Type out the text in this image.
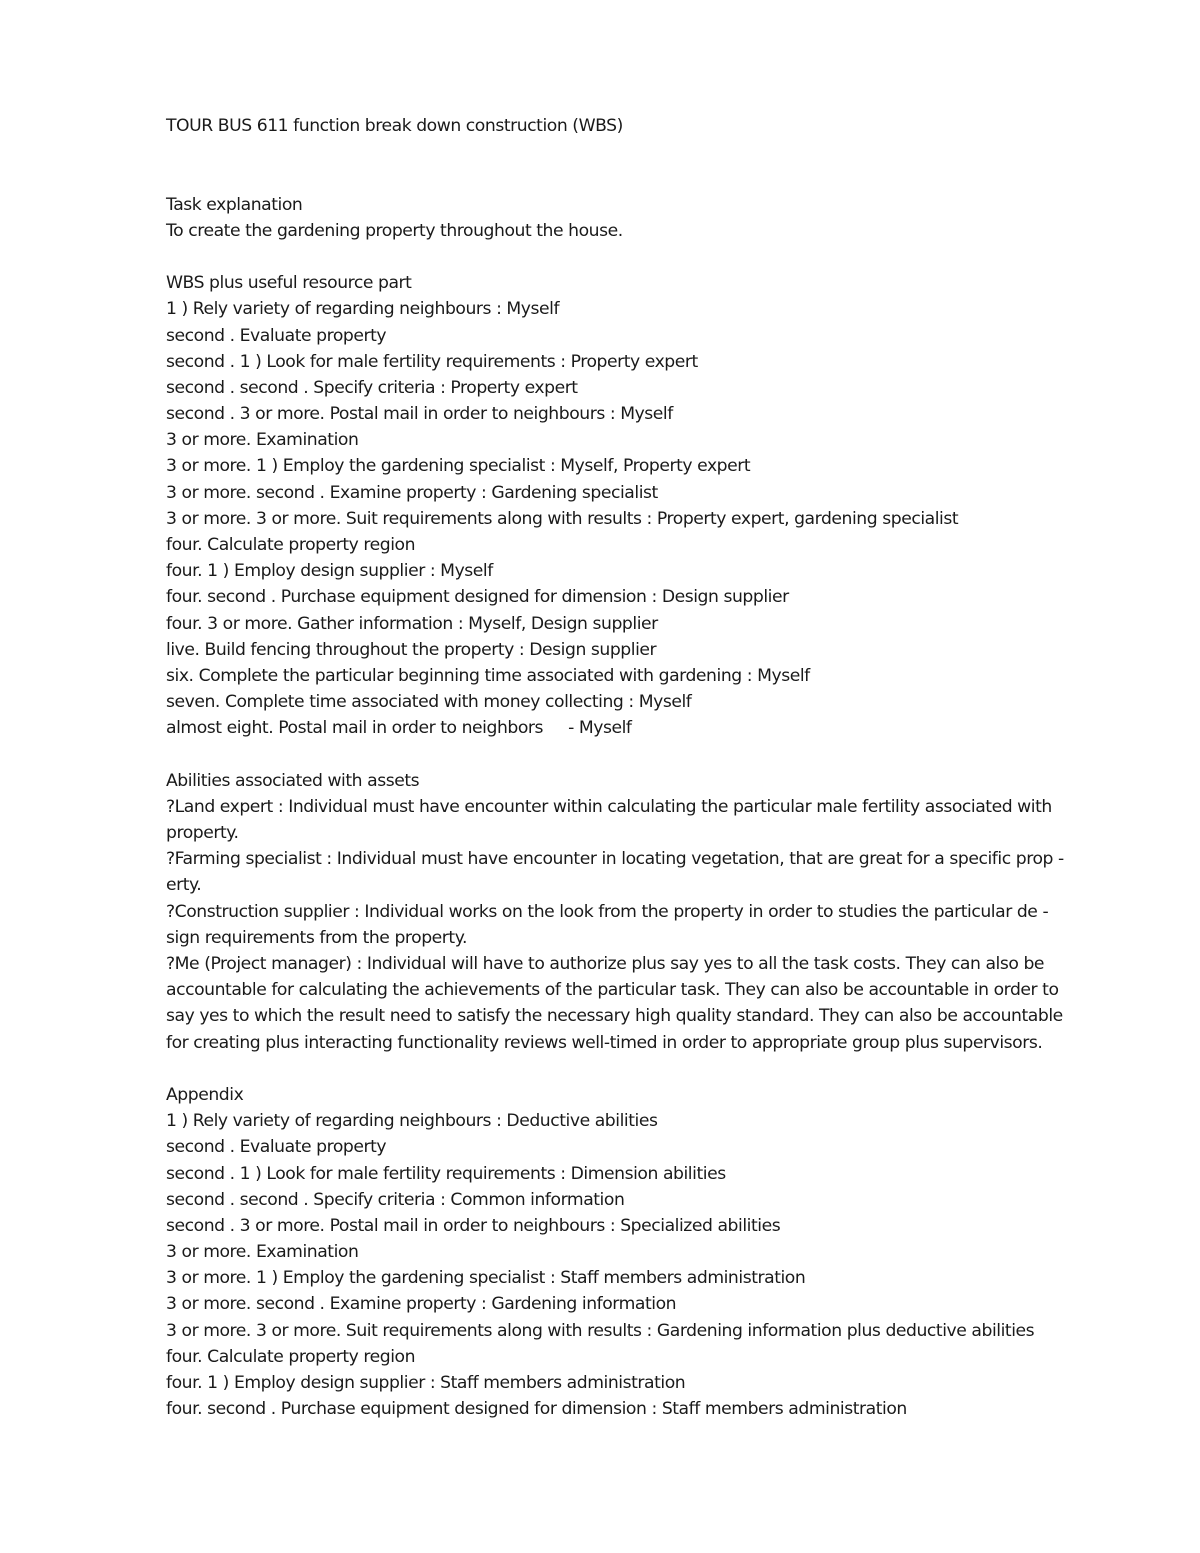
TOUR BUS 611 function break down construction (WBS)
Task explanation
To create the gardening property throughout the house.
WBS plus useful resource part
1 ) Rely variety of regarding neighbours : Myself
second . Evaluate property
second . 1 ) Look for male fertility requirements : Property expert
second . second . Specify criteria : Property expert
second . 3 or more. Postal mail in order to neighbours : Myself
3 or more. Examination
3 or more. 1 ) Employ the gardening specialist : Myself, Property expert
3 or more. second . Examine property : Gardening specialist
3 or more. 3 or more. Suit requirements along with results : Property expert, gardening specialist
four. Calculate property region
four. 1 ) Employ design supplier : Myself
four. second . Purchase equipment designed for dimension : Design supplier
four. 3 or more. Gather information : Myself, Design supplier
live. Build fencing throughout the property : Design supplier
six. Complete the particular beginning time associated with gardening : Myself
seven. Complete time associated with money collecting : Myself
almost eight. Postal mail in order to neighbors     - Myself
Abilities associated with assets
?Land expert : Individual must have encounter within calculating the particular male fertility associated with
property.
?Farming specialist : Individual must have encounter in locating vegetation, that are great for a specific prop -
erty.
?Construction supplier : Individual works on the look from the property in order to studies the particular de -
sign requirements from the property.
?Me (Project manager) : Individual will have to authorize plus say yes to all the task costs. They can also be
accountable for calculating the achievements of the particular task. They can also be accountable in order to
say yes to which the result need to satisfy the necessary high quality standard. They can also be accountable
for creating plus interacting functionality reviews well-timed in order to appropriate group plus supervisors.
Appendix
1 ) Rely variety of regarding neighbours : Deductive abilities
second . Evaluate property
second . 1 ) Look for male fertility requirements : Dimension abilities
second . second . Specify criteria : Common information
second . 3 or more. Postal mail in order to neighbours : Specialized abilities
3 or more. Examination
3 or more. 1 ) Employ the gardening specialist : Staff members administration
3 or more. second . Examine property : Gardening information
3 or more. 3 or more. Suit requirements along with results : Gardening information plus deductive abilities
four. Calculate property region
four. 1 ) Employ design supplier : Staff members administration
four. second . Purchase equipment designed for dimension : Staff members administration
